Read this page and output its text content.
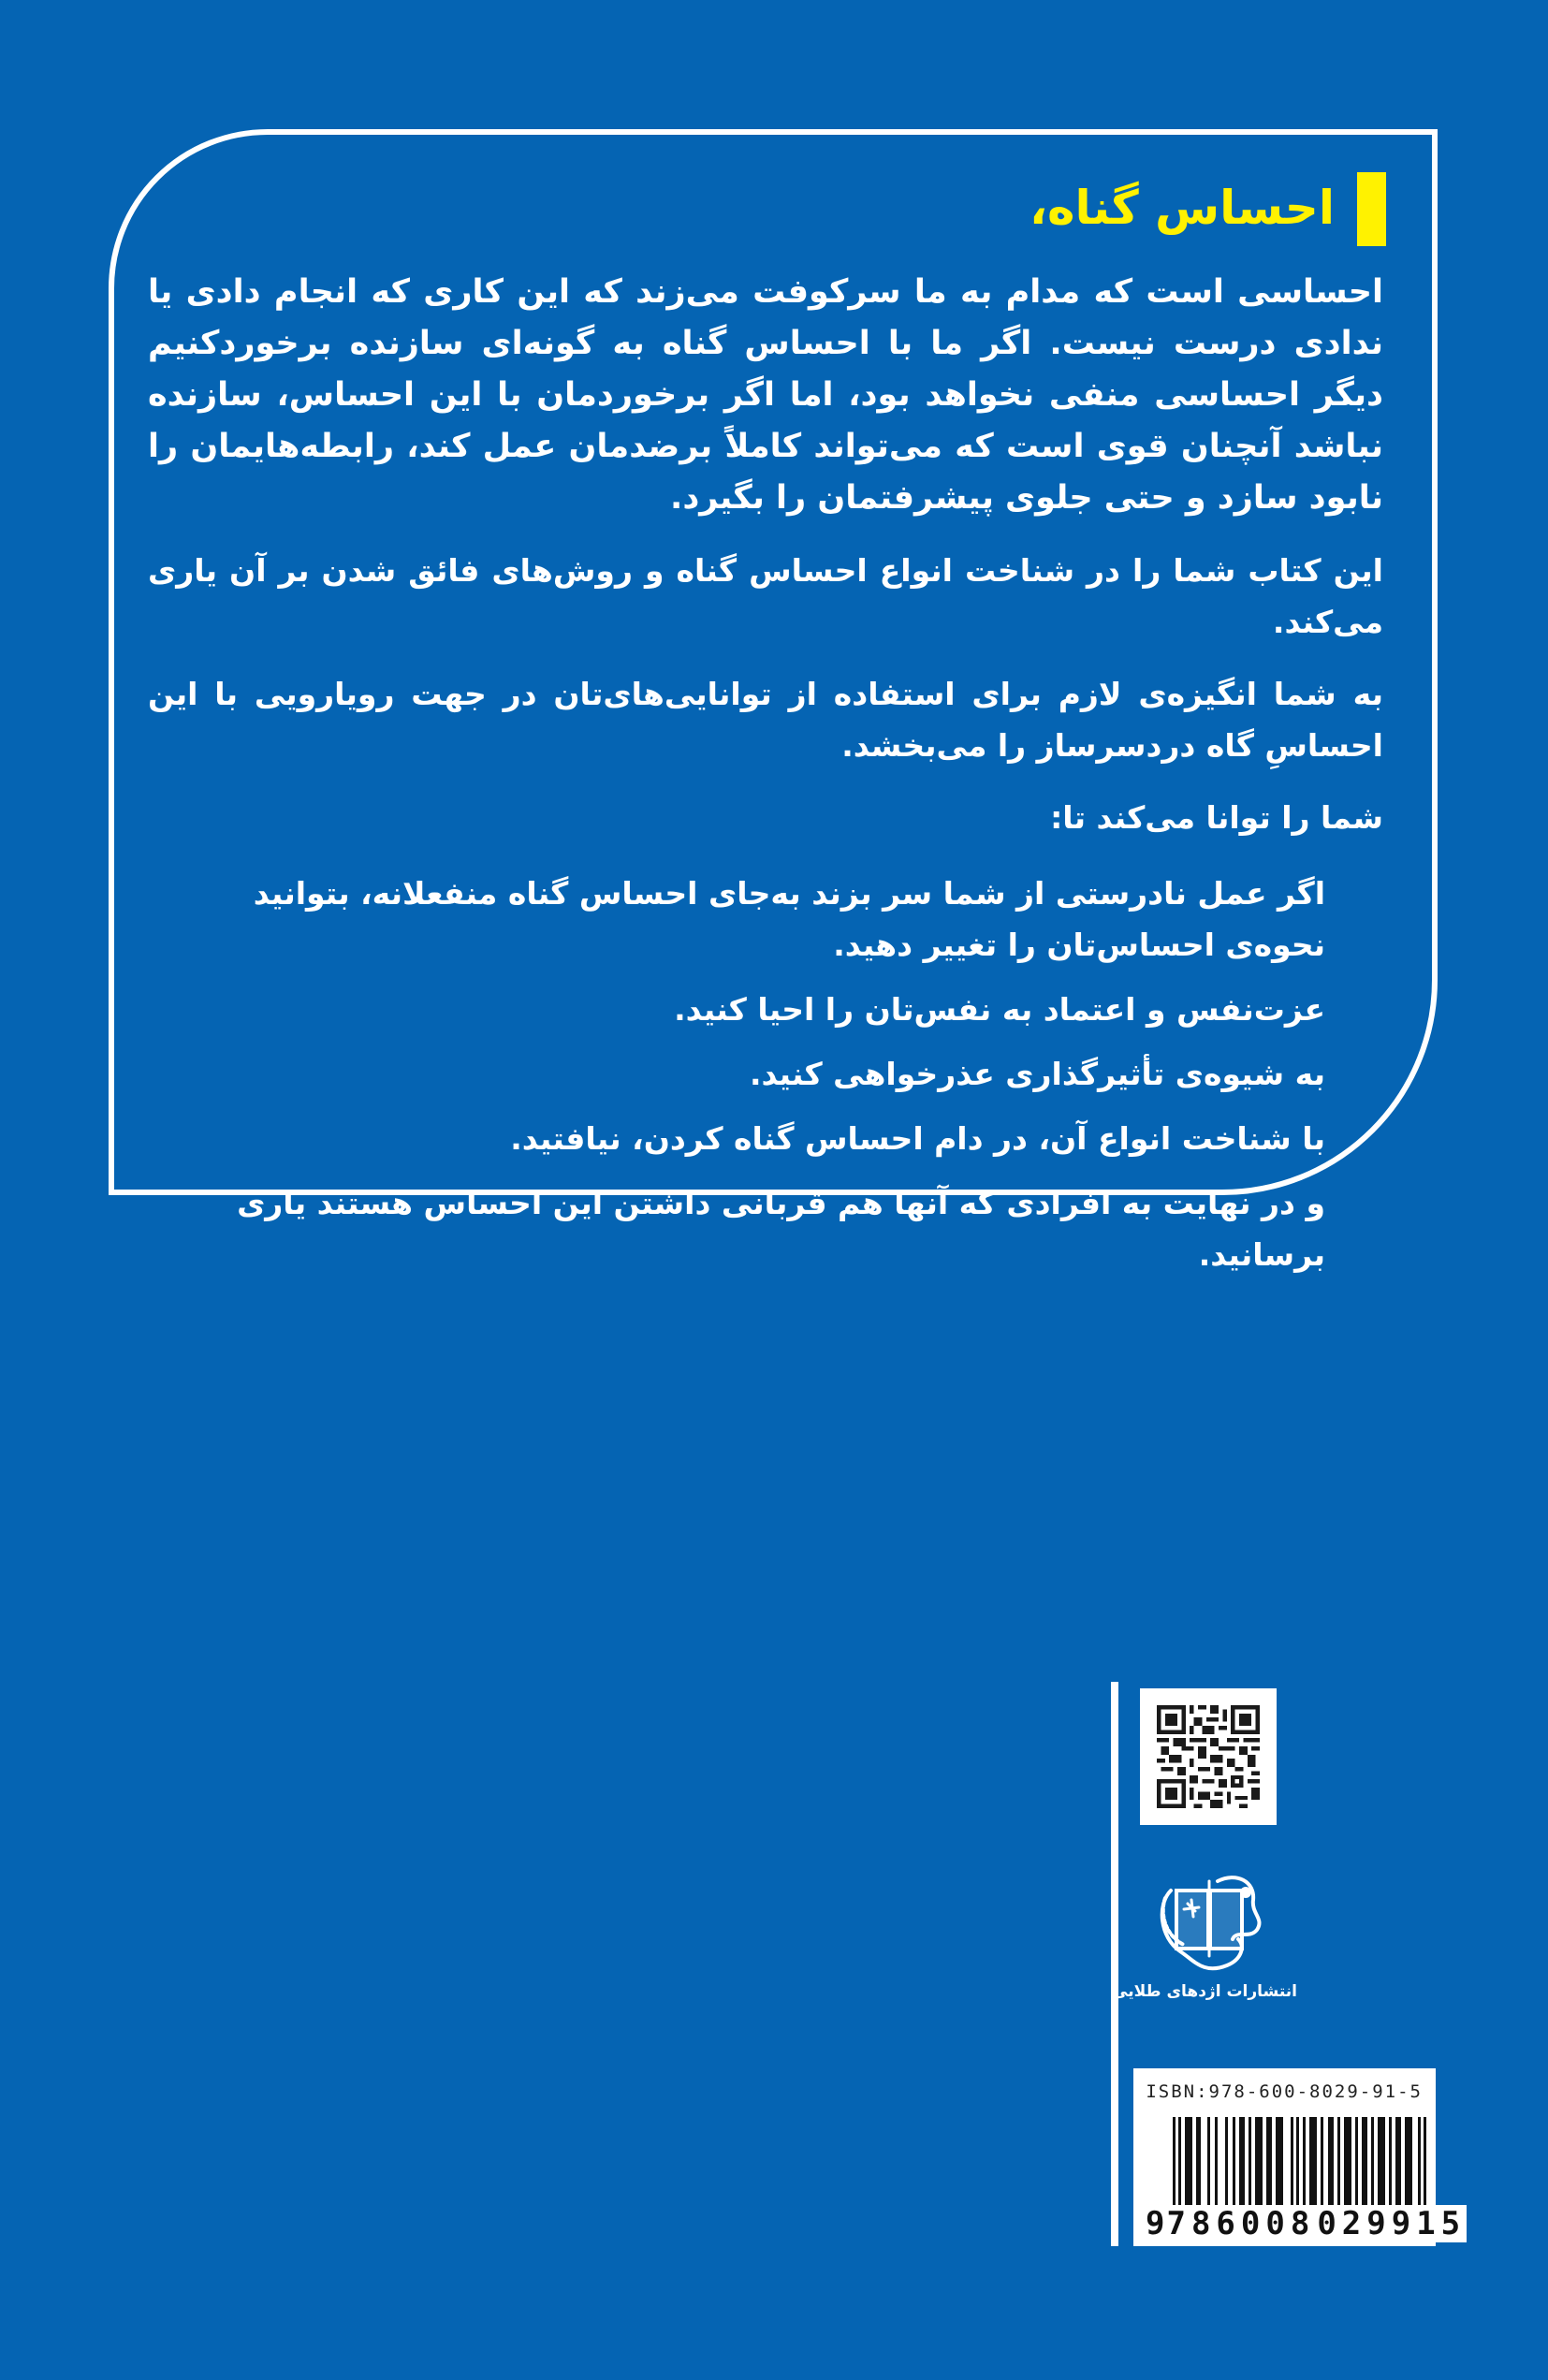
احساس گناه،

احساسی است که مدام به ما سرکوفت می‌زند که این کاری که انجام دادی یا ندادی درست نیست. اگر ما با احساس گناه به گونه‌ای سازنده برخوردکنیم دیگر احساسی منفی نخواهد بود، اما اگر برخوردمان با این احساس، سازنده نباشد آنچنان قوی است که می‌تواند کاملاً برضدمان عمل کند، رابطه‌هایمان را نابود سازد و حتی جلوی پیشرفتمان را بگیرد.

این کتاب شما را در شناخت انواع احساس گناه و روش‌های فائق شدن بر آن یاری می‌کند.

به شما انگیزه‌ی لازم برای استفاده از توانایی‌های‌تان در جهت رویارویی با این احساسِ گاه دردسرساز را می‌بخشد.

شما را توانا می‌کند تا:

اگر عمل نادرستی از شما سر بزند به‌جای احساس گناه منفعلانه، بتوانید نحوه‌ی احساس‌تان را تغییر دهید.
عزت‌نفس و اعتماد به نفس‌تان را احیا کنید.
به شیوه‌ی تأثیرگذاری عذرخواهی کنید.
با شناخت انواع آن، در دام احساس گناه کردن، نیافتید.
و در نهایت به افرادی که آنها هم قربانی داشتن این احساس هستند یاری برسانید.
انتشارات اژدهای طلایی
ISBN:978-600-8029-91-5
9 786008 029915
